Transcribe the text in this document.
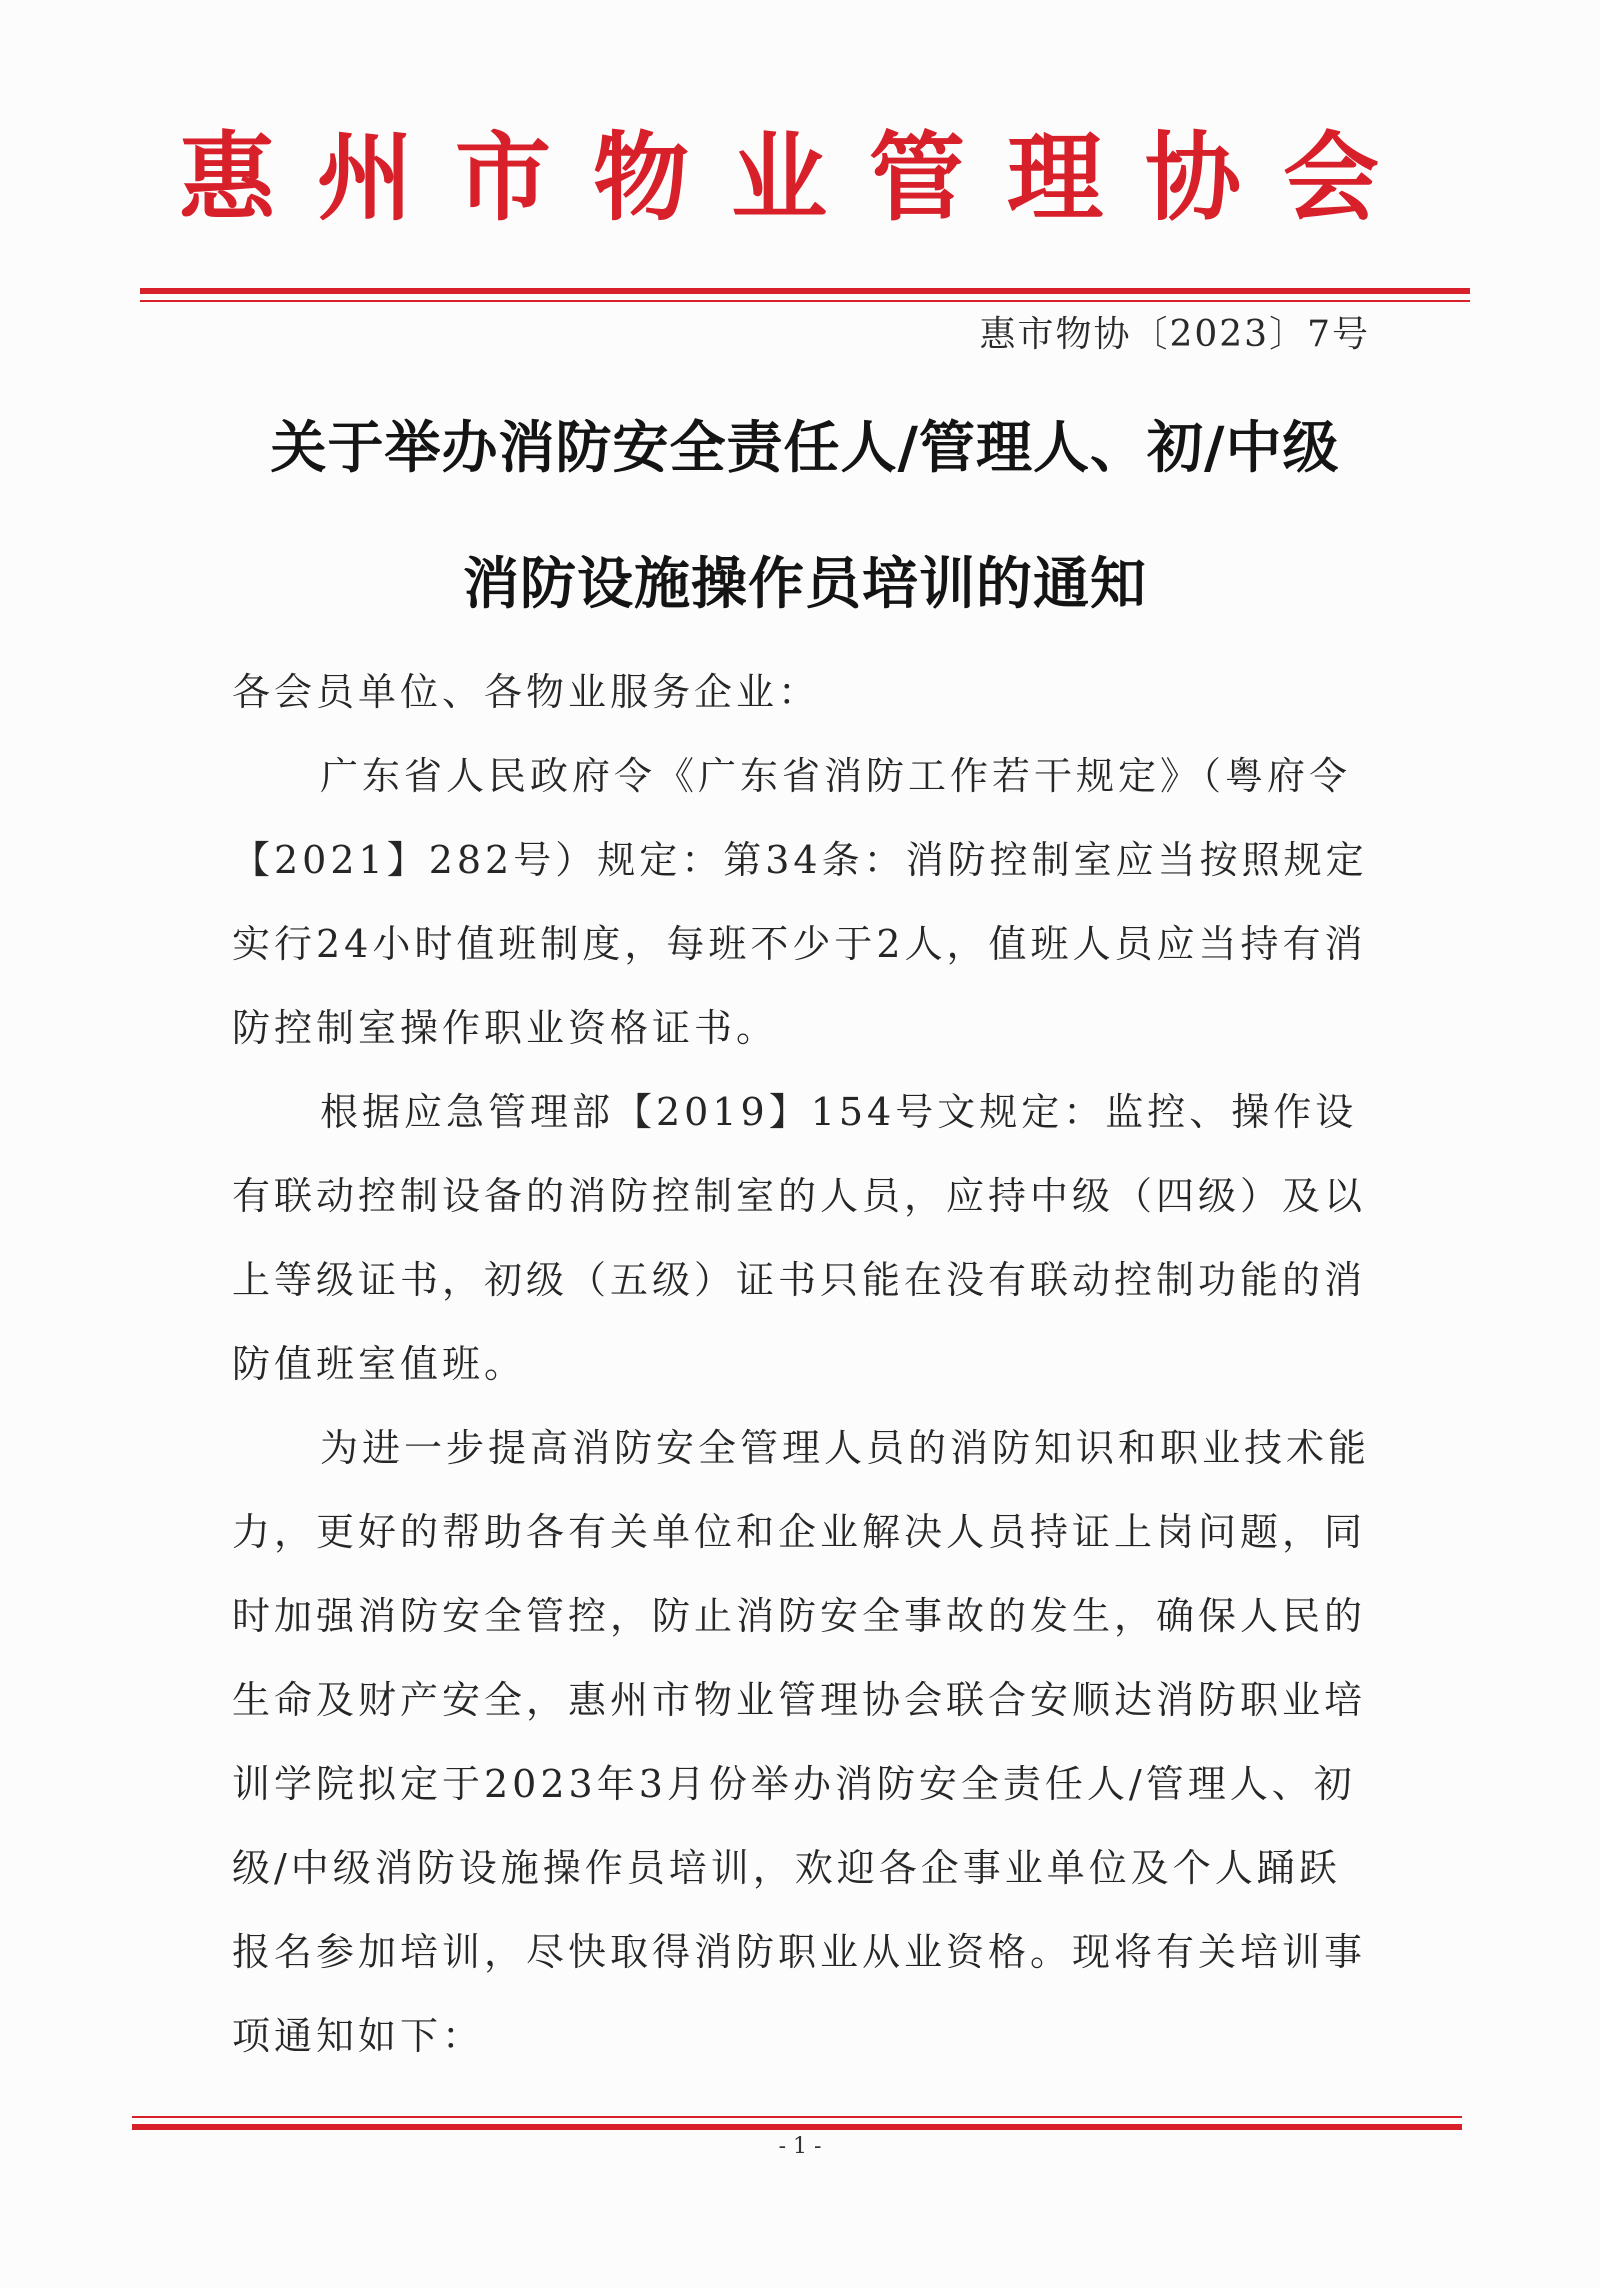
惠州市物业管理协会
惠市物协〔2023〕7号
关于举办消防安全责任人/管理人、初/中级
消防设施操作员培训的通知

各会员单位、各物业服务企业：

广东省人民政府令《广东省消防工作若干规定》（粤府令【2021】282号）规定：第34条：消防控制室应当按照规定实行24小时值班制度，每班不少于2人，值班人员应当持有消防控制室操作职业资格证书。

根据应急管理部【2019】154号文规定：监控、操作设有联动控制设备的消防控制室的人员，应持中级（四级）及以上等级证书，初级（五级）证书只能在没有联动控制功能的消防值班室值班。

为进一步提高消防安全管理人员的消防知识和职业技术能力，更好的帮助各有关单位和企业解决人员持证上岗问题，同时加强消防安全管控，防止消防安全事故的发生，确保人民的生命及财产安全，惠州市物业管理协会联合安顺达消防职业培训学院拟定于2023年3月份举办消防安全责任人/管理人、初级/中级消防设施操作员培训，欢迎各企事业单位及个人踊跃报名参加培训，尽快取得消防职业从业资格。现将有关培训事项通知如下：

- 1 -
